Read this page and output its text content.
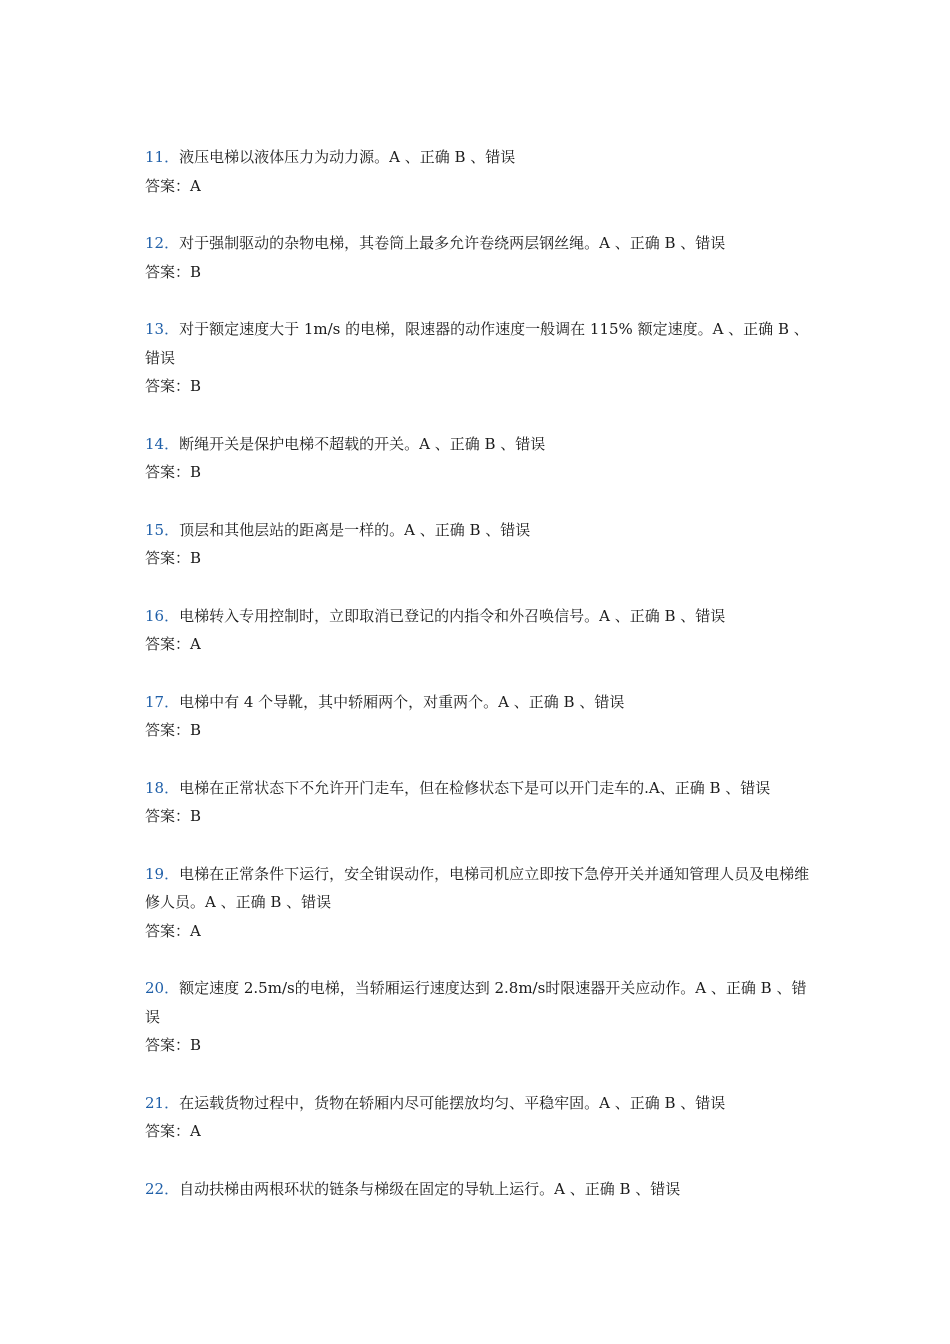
11．液压电梯以液体压力为动力源。A 、正确 B 、错误

答案：A

12．对于强制驱动的杂物电梯，其卷筒上最多允许卷绕两层钢丝绳。A 、正确 B 、错误

答案：B

13．对于额定速度大于 1m/s 的电梯，限速器的动作速度一般调在 115% 额定速度。A 、正确 B 、错误

答案：B

14．断绳开关是保护电梯不超载的开关。A 、正确 B 、错误

答案：B

15．顶层和其他层站的距离是一样的。A 、正确 B 、错误

答案：B

16．电梯转入专用控制时，立即取消已登记的内指令和外召唤信号。A 、正确 B 、错误

答案：A

17．电梯中有 4 个导靴，其中轿厢两个，对重两个。A 、正确 B 、错误

答案：B

18．电梯在正常状态下不允许开门走车，但在检修状态下是可以开门走车的.A、正确 B 、错误

答案：B

19．电梯在正常条件下运行，安全钳误动作，电梯司机应立即按下急停开关并通知管理人员及电梯维修人员。A 、正确 B 、错误

答案：A

20．额定速度 2.5m/s的电梯，当轿厢运行速度达到 2.8m/s时限速器开关应动作。A 、正确 B 、错误

答案：B

21．在运载货物过程中，货物在轿厢内尽可能摆放均匀、平稳牢固。A 、正确 B 、错误

答案：A

22．自动扶梯由两根环状的链条与梯级在固定的导轨上运行。A 、正确 B 、错误
